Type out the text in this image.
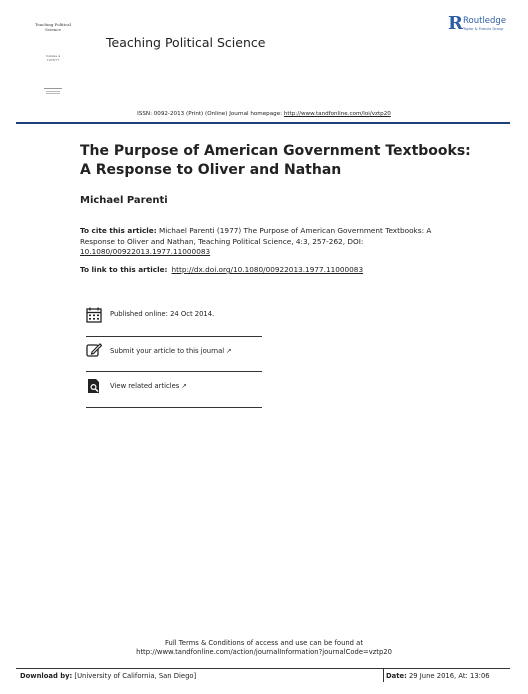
Teaching Political Science
Volume 4
1976/77
Teaching Political Science
R Routledge
Taylor & Francis Group
ISSN: 0092-2013 (Print) (Online) Journal homepage: http://www.tandfonline.com/loi/vztp20
The Purpose of American Government Textbooks:
A Response to Oliver and Nathan
Michael Parenti
To cite this article: Michael Parenti (1977) The Purpose of American Government Textbooks: A Response to Oliver and Nathan, Teaching Political Science, 4:3, 257-262, DOI: 10.1080/00922013.1977.11000083
To link to this article: http://dx.doi.org/10.1080/00922013.1977.11000083
Published online: 24 Oct 2014.
Submit your article to this journal ↗
View related articles ↗
Full Terms & Conditions of access and use can be found at
http://www.tandfonline.com/action/journalInformation?journalCode=vztp20
Download by: [University of California, San Diego]	Date: 29 June 2016, At: 13:06
